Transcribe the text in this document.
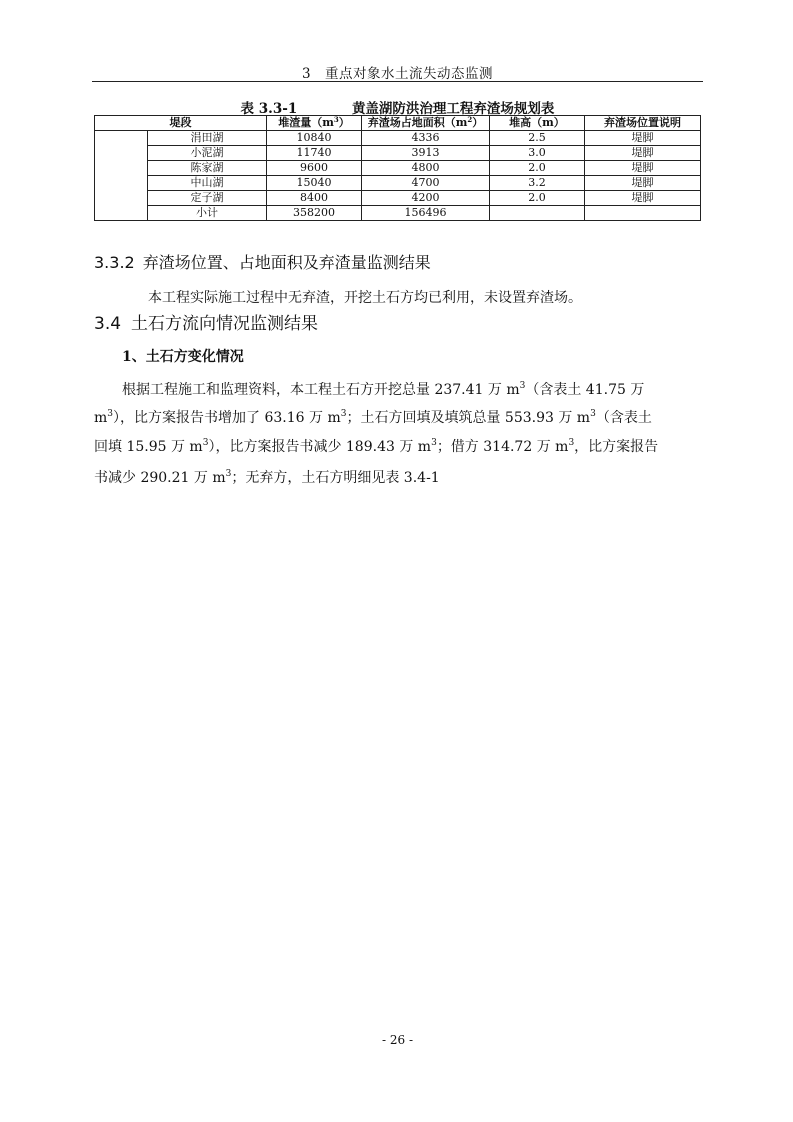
3　重点对象水土流失动态监测
表 3.3-1	黄盖湖防洪治理工程弃渣场规划表
堤段		堆渣量$(m^3)$	弃渣场占地面积$(m^2)$	堆高（m）	弃渣场位置说明
	涓田湖	10840	4336	2.5	堤脚
	小泥湖	11740	3913	3.0	堤脚
	陈家湖	9600	4800	2.0	堤脚
	中山湖	15040	4700	3.2	堤脚
	定子湖	8400	4200	2.0	堤脚
	小计	358200	156496		
3.3.2 弃渣场位置、占地面积及弃渣量监测结果
本工程实际施工过程中无弃渣，开挖土石方均已利用，未设置弃渣场。
3.4 土石方流向情况监测结果
1、土石方变化情况
根据工程施工和监理资料，本工程土石方开挖总量 237.41 万 $m^3$（含表土 41.75 万
$m^3$），比方案报告书增加了 63.16 万 $m^3$；土石方回填及填筑总量 553.93 万 $m^3$（含表土
回填 15.95 万 $m^3$），比方案报告书减少 189.43 万 $m^3$；借方 314.72 万 $m^3$，比方案报告
书减少 290.21 万 $m^3$；无弃方，土石方明细见表 3.4-1
- 26 -
